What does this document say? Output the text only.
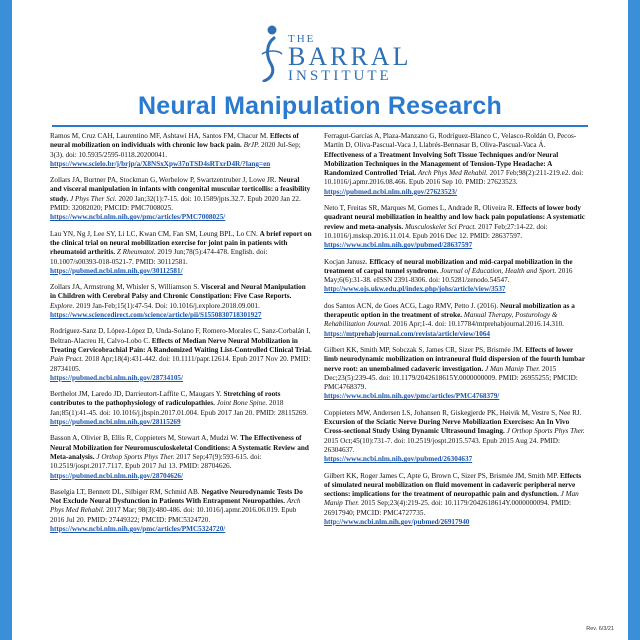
THE
BARRAL
INSTITUTE
Neural Manipulation Research
Ramos M, Cruz CAH, Laurentino MF, Ashtawi HA, Santos FM, Chacur M. Effects of neural mobilization on individuals with chronic low back pain. BrJP. 2020 Jul-Sep; 3(3). doi: 10.5935/2595-0118.20200041.
https://www.scielo.br/j/brjp/a/X8NSxXpw37nTSD4sRTxrD4R/?lang=en
Zollars JA, Burtner PA, Stockman G, Werbelow P, Swartzentruber J, Lowe JR. Neural and visceral manipulation in infants with congenital muscular torticollis: a feasibility study. J Phys Ther Sci. 2020 Jan;32(1):7-15. doi: 10.1589/jpts.32.7. Epub 2020 Jan 22. PMID: 32082020; PMCID: PMC7008025.
https://www.ncbi.nlm.nih.gov/pmc/articles/PMC7008025/
Lau YN, Ng J, Lee SY, Li LC, Kwan CM, Fan SM, Leung BPL, Lo CN. A brief report on the clinical trial on neural mobilization exercise for joint pain in patients with rheumatoid arthritis. Z Rheumatol. 2019 Jun;78(5):474-478. English. doi: 10.1007/s00393-018-0521-7. PMID: 30112581.
https://pubmed.ncbi.nlm.nih.gov/30112581/
Zollars JA, Armstrong M, Whisler S, Williamson S. Visceral and Neural Manipulation in Children with Cerebral Palsy and Chronic Constipation: Five Case Reports. Explore. 2019 Jan-Feb;15(1):47-54. Doi: 10.1016/j.explore.2018.09.001.
https://www.sciencedirect.com/science/article/pii/S1550830718301927
Rodríguez-Sanz D, López-López D, Unda-Solano F, Romero-Morales C, Sanz-Corbalán I, Beltran-Alacreu H, Calvo-Lobo C. Effects of Median Nerve Neural Mobilization in Treating Cervicobrachial Pain: A Randomized Waiting List-Controlled Clinical Trial. Pain Pract. 2018 Apr;18(4):431-442. doi: 10.1111/papr.12614. Epub 2017 Nov 20. PMID: 28734105.
https://pubmed.ncbi.nlm.nih.gov/28734105/
Berthelot JM, Laredo JD, Darrieutort-Laffite C, Maugars Y. Stretching of roots contributes to the pathophysiology of radiculopathies. Joint Bone Spine. 2018 Jan;85(1):41-45. doi: 10.1016/j.jbspin.2017.01.004. Epub 2017 Jan 20. PMID: 28115269.
https://pubmed.ncbi.nlm.nih.gov/28115269
Basson A, Olivier B, Ellis R, Coppieters M, Stewart A, Mudzi W. The Effectiveness of Neural Mobilization for Neuromusculoskeletal Conditions: A Systematic Review and Meta-analysis. J Orthop Sports Phys Ther. 2017 Sep;47(9):593-615. doi: 10.2519/jospt.2017.7117. Epub 2017 Jul 13. PMID: 28704626.
https://pubmed.ncbi.nlm.nih.gov/28704626/
Baselgia LT, Bennett DL, Silbiger RM, Schmid AB. Negative Neurodynamic Tests Do Not Exclude Neural Dysfunction in Patients With Entrapment Neuropathies. Arch Phys Med Rehabil. 2017 Mar; 98(3):480-486. doi: 10.1016/j.apmr.2016.06.019. Epub 2016 Jul 20. PMID: 27449322; PMCID: PMC5324720.
https://www.ncbi.nlm.nih.gov/pmc/articles/PMC5324720/
Ferragut-Garcías A, Plaza-Manzano G, Rodríguez-Blanco C, Velasco-Roldán O, Pecos-Martín D, Oliva-Pascual-Vaca J, Llabrés-Bennasar B, Oliva-Pascual-Vaca Á. Effectiveness of a Treatment Involving Soft Tissue Techniques and/or Neural Mobilization Techniques in the Management of Tension-Type Headache: A Randomized Controlled Trial. Arch Phys Med Rehabil. 2017 Feb;98(2):211-219.e2. doi: 10.1016/j.apmr.2016.08.466. Epub 2016 Sep 10. PMID: 27623523.
https://pubmed.ncbi.nlm.nih.gov/27623523/
Neto T, Freitas SR, Marques M, Gomes L, Andrade R, Oliveira R. Effects of lower body quadrant neural mobilization in healthy and low back pain populations: A systematic review and meta-analysis. Musculoskelet Sci Pract. 2017 Feb;27:14-22. doi: 10.1016/j.msksp.2016.11.014. Epub 2016 Dec 12. PMID: 28637597.
https://www.ncbi.nlm.nih.gov/pubmed/28637597
Kocjan Janusz. Efficacy of neural mobilization and mid-carpal mobilization in the treatment of carpal tunnel syndrome. Journal of Education, Health and Sport. 2016 May;6(6):31-38. eISSN 2391-8306. doi: 10.5281/zenodo.54547.
http://www.ojs.ukw.edu.pl/index.php/johs/article/view/3537
dos Santos ACN, de Goes ACG, Lago RMV, Petto J. (2016). Neural mobilization as a therapeutic option in the treatment of stroke. Manual Therapy, Posturology & Rehabilitation Journal. 2016 Apr;1-4. doi: 10.17784/mtprehabjournal.2016.14.310.
https://mtprehabjournal.com/revista/article/view/1064
Gilbert KK, Smith MP, Sobczak S, James CR, Sizer PS, Brismée JM. Effects of lower limb neurodynamic mobilization on intraneural fluid dispersion of the fourth lumbar nerve root: an unembalmed cadaveric investigation. J Man Manip Ther. 2015 Dec;23(5):239-45. doi: 10.1179/2042618615Y.0000000009. PMID: 26955255; PMCID: PMC4768379.
https://www.ncbi.nlm.nih.gov/pmc/articles/PMC4768379/
Coppieters MW, Andersen LS, Johansen R, Giskegjerde PK, Høivik M, Vestre S, Nee RJ. Excursion of the Sciatic Nerve During Nerve Mobilization Exercises: An In Vivo Cross-sectional Study Using Dynamic Ultrasound Imaging. J Orthop Sports Phys Ther. 2015 Oct;45(10):731-7. doi: 10.2519/jospt.2015.5743. Epub 2015 Aug 24. PMID: 26304637.
https://www.ncbi.nlm.nih.gov/pubmed/26304637
Gilbert KK, Roger James C, Apte G, Brown C, Sizer PS, Brismée JM, Smith MP. Effects of simulated neural mobilization on fluid movement in cadaveric peripheral nerve sections: implications for the treatment of neuropathic pain and dysfunction. J Man Manip Ther. 2015 Sep;23(4):219-25. doi: 10.1179/2042618614Y.0000000094. PMID: 26917940; PMCID: PMC4727735.
http://www.ncbi.nlm.nih.gov/pubmed/26917940
Rev. 6/3/21
